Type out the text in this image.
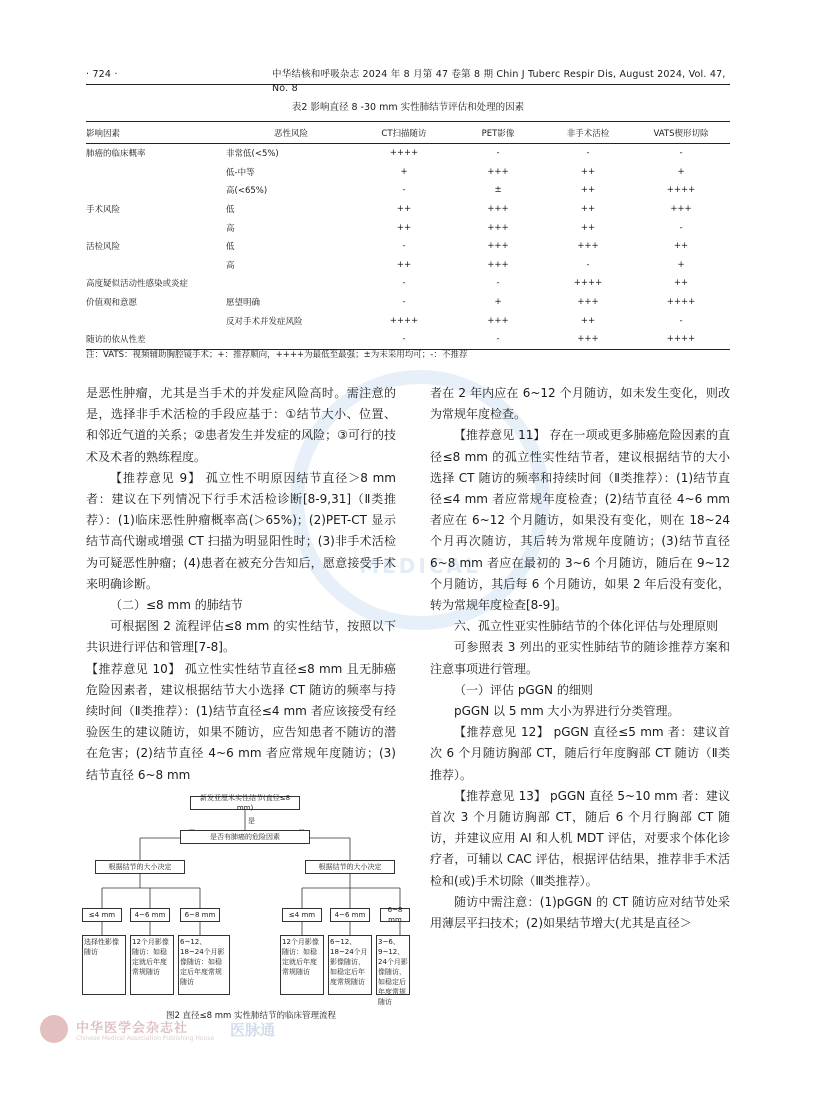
· 724 ·	中华结核和呼吸杂志 2024 年 8 月第 47 卷第 8 期 Chin J Tuberc Respir Dis, August 2024, Vol. 47, No. 8
表2 影响直径 8 -30 mm 实性肺结节评估和处理的因素
影响因素	恶性风险	CT扫描随访	PET影像	非手术活检	VATS楔形切除
肺癌的临床概率	非常低(<5%)	++++	-	-	-
	低-中等	+	+++	++	+
	高(<65%)	-	±	++	++++
手术风险	低	++	+++	++	+++
	高	++	+++	++	-
活检风险	低	-	+++	+++	++
	高	++	+++	-	+
高度疑似活动性感染或炎症		-	-	++++	++
价值观和意愿	愿望明确	-	+	+++	++++
	反对手术并发症风险	++++	+++	++	-
随访的依从性差		-	-	+++	++++
注：VATS：视频辅助胸腔镜手术；+：推荐顺向，++++为最低至最强；±为未采用均可；-：不推荐
MEDICAL

是恶性肿瘤，尤其是当手术的并发症风险高时。需注意的是，选择非手术活检的手段应基于：①结节大小、位置、和邻近气道的关系；②患者发生并发症的风险；③可行的技术及术者的熟练程度。

【推荐意见 9】 孤立性不明原因结节直径＞8 mm 者：建议在下列情况下行手术活检诊断[8-9,31]（Ⅱ类推荐）：(1)临床恶性肿瘤概率高(＞65%)；(2)PET-CT 显示结节高代谢或增强 CT 扫描为明显阳性时；(3)非手术活检为可疑恶性肿瘤；(4)患者在被充分告知后，愿意接受手术来明确诊断。

（二）≤8 mm 的肺结节

可根据图 2 流程评估≤8 mm 的实性结节，按照以下共识进行评估和管理[7-8]。

【推荐意见 10】 孤立性实性结节直径≤8 mm 且无肺癌危险因素者，建议根据结节大小选择 CT 随访的频率与持续时间（Ⅱ类推荐）：(1)结节直径≤4 mm 者应该接受有经验医生的建议随访，如果不随访，应告知患者不随访的潜在危害；(2)结节直径 4~6 mm 者应常规年度随访；(3)结节直径 6~8 mm

者在 2 年内应在 6~12 个月随访，如未发生变化，则改为常规年度检查。

【推荐意见 11】 存在一项或更多肺癌危险因素的直径≤8 mm 的孤立性实性结节者，建议根据结节的大小选择 CT 随访的频率和持续时间（Ⅱ类推荐）：(1)结节直径≤4 mm 者应常规年度检查；(2)结节直径 4~6 mm 者应在 6~12 个月随访，如果没有变化，则在 18~24 个月再次随访，其后转为常规年度随访；(3)结节直径 6~8 mm 者应在最初的 3~6 个月随访，随后在 9~12 个月随访，其后每 6 个月随访，如果 2 年后没有变化，转为常规年度检查[8-9]。

六、孤立性亚实性肺结节的个体化评估与处理原则

可参照表 3 列出的亚实性肺结节的随诊推荐方案和注意事项进行管理。

（一）评估 pGGN 的细则

pGGN 以 5 mm 大小为界进行分类管理。

【推荐意见 12】 pGGN 直径≤5 mm 者：建议首次 6 个月随访胸部 CT，随后行年度胸部 CT 随访（Ⅱ类推荐）。

【推荐意见 13】 pGGN 直径 5~10 mm 者：建议首次 3 个月随访胸部 CT，随后 6 个月行胸部 CT 随访，并建议应用 AI 和人机 MDT 评估，对要求个体化诊疗者，可辅以 CAC 评估，根据评估结果，推荐非手术活检和(或)手术切除（Ⅲ类推荐）。

随访中需注意：(1)pGGN 的 CT 随访应对结节处采用薄层平扫技术；(2)如果结节增大(尤其是直径＞

新发亚厘米实性结节(直径≤8 mm)
是
是否有肺癌的危险因素
根据结节的大小决定	根据结节的大小决定
≤4 mm	4~6 mm	6~8 mm	≤4 mm	4~6 mm
6~8 mm
选择性影像随访
12个月影像随访：如稳定就后年度常规随访
6~12、18~24个月影像随访：如稳定后年度常规随访
12个月影像随访：如稳定就后年度常规随访
6~12、18~24个月影像随访，如稳定后年度常规随访
3~6、9~12、24个月影像随访，如稳定后年度常规随访
图2 直径≤8 mm 实性肺结节的临床管理流程
中华医学会杂志社
Chinese Medical Association Publishing House 医脉通
